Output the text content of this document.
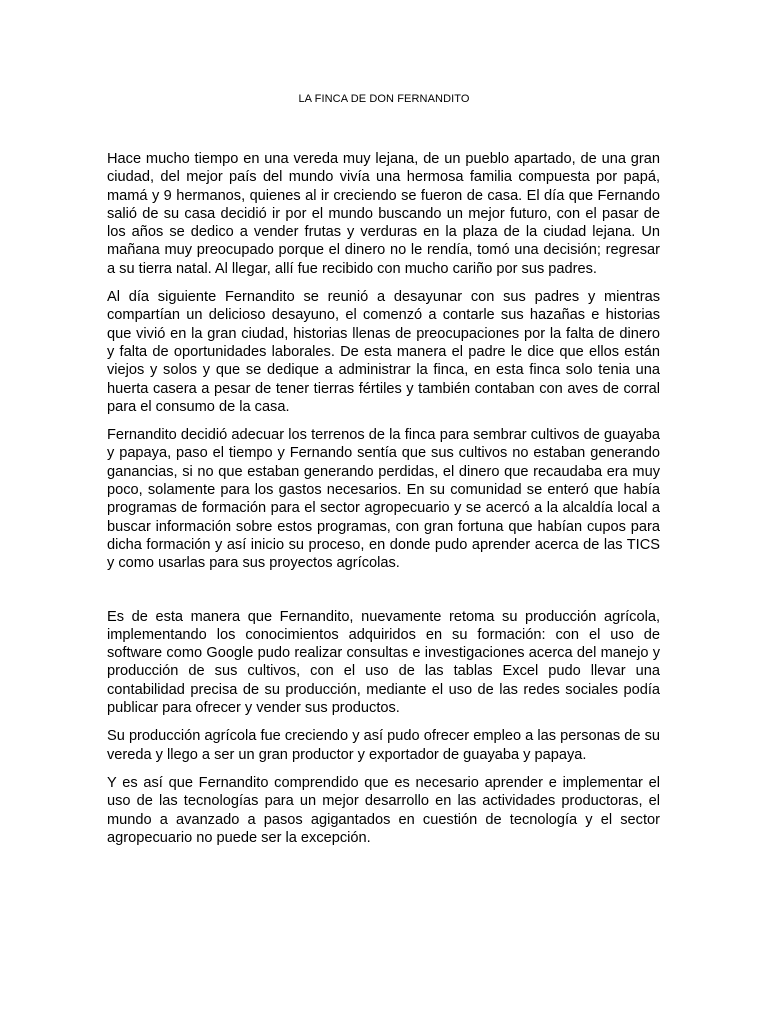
LA FINCA DE DON FERNANDITO

Hace mucho tiempo en una vereda muy lejana, de un pueblo apartado, de una gran ciudad, del mejor país del mundo vivía una hermosa familia compuesta por papá, mamá y 9 hermanos, quienes al ir creciendo se fueron de casa. El día que Fernando salió de su casa decidió ir por el mundo buscando un mejor futuro, con el pasar de los años se dedico a vender frutas y verduras en la plaza de la ciudad lejana. Un mañana muy preocupado porque el dinero no le rendía, tomó una decisión; regresar a su tierra natal. Al llegar, allí fue recibido con mucho cariño por sus padres.

Al día siguiente Fernandito se reunió a desayunar con sus padres y mientras compartían un delicioso desayuno, el comenzó a contarle sus hazañas e historias que vivió en la gran ciudad, historias llenas de preocupaciones por la falta de dinero y falta de oportunidades laborales. De esta manera el padre le dice que ellos están viejos y solos y que se dedique a administrar la finca, en esta finca solo tenia una huerta casera a pesar de tener tierras fértiles y también contaban con aves de corral para el consumo de la casa.

Fernandito decidió adecuar los terrenos de la finca para sembrar cultivos de guayaba y papaya, paso el tiempo y Fernando sentía que sus cultivos no estaban generando ganancias, si no que estaban generando perdidas, el dinero que recaudaba era muy poco, solamente para los gastos necesarios. En su comunidad se enteró que había programas de formación para el sector agropecuario y se acercó a la alcaldía local a buscar información sobre estos programas, con gran fortuna que habían cupos para dicha formación y así inicio su proceso, en donde pudo aprender acerca de las TICS y como usarlas para sus proyectos agrícolas.

Es de esta manera que Fernandito, nuevamente retoma su producción agrícola, implementando los conocimientos adquiridos en su formación: con el uso de software como Google pudo realizar consultas e investigaciones acerca del manejo y producción de sus cultivos, con el uso de las tablas Excel pudo llevar una contabilidad precisa de su producción, mediante el uso de las redes sociales podía publicar para ofrecer y vender sus productos.

Su producción agrícola fue creciendo y así pudo ofrecer empleo a las personas de su vereda y llego a ser un gran productor y exportador de guayaba y papaya.

Y es así que Fernandito comprendido que es necesario aprender e implementar el uso de las tecnologías para un mejor desarrollo en las actividades productoras, el mundo a avanzado a pasos agigantados en cuestión de tecnología y el sector agropecuario no puede ser la excepción.
